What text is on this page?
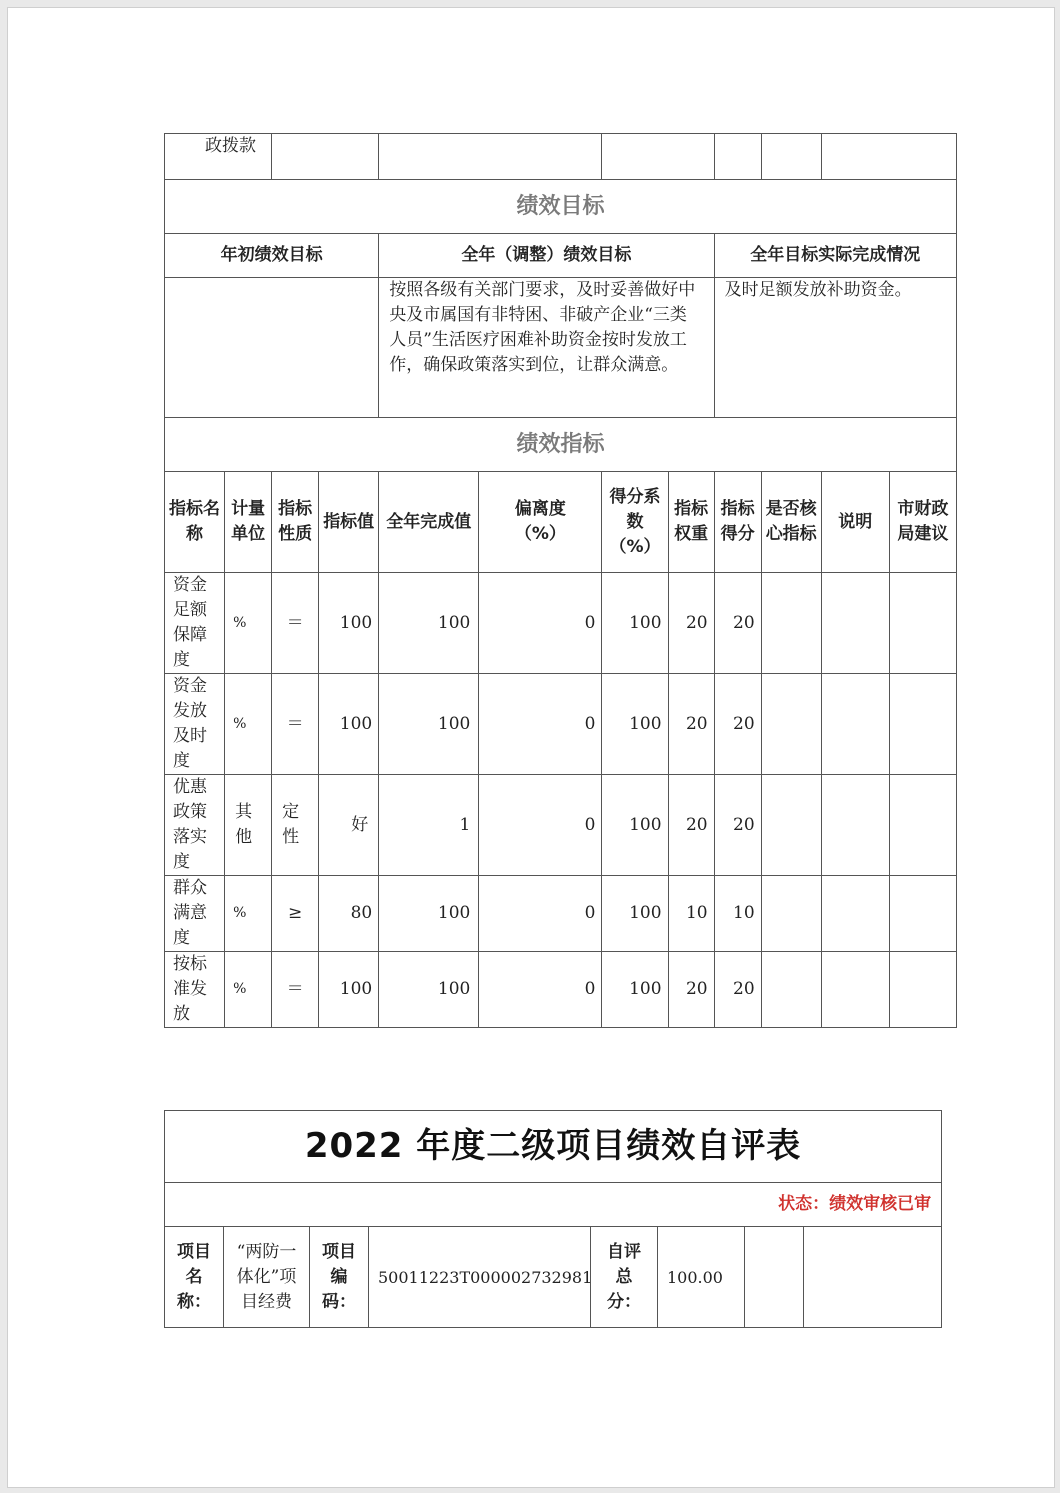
政拨款											
绩效目标											
年初绩效目标				全年（调整）绩效目标				全年目标实际完成情况			
				按照各级有关部门要求，及时妥善做好中央及市属国有非特困、非破产企业“三类人员”生活医疗困难补助资金按时发放工作，确保政策落实到位，让群众满意。				及时足额发放补助资金。			
绩效指标											
指标名称	计量单位	指标性质	指标值	全年完成值	偏离度（%）	得分系数（%）	指标权重	指标得分	是否核心指标	说明	市财政局建议
资金足额保障度	%	＝	100	100	0	100	20	20			
资金发放及时度	%	＝	100	100	0	100	20	20			
优惠政策落实度	其他	定性	好	1	0	100	20	20			
群众满意度	%	≥	80	100	0	100	10	10			
按标准发放	%	＝	100	100	0	100	20	20			
2022 年度二级项目绩效自评表
状态：绩效审核已审
项目名称：	“两防一体化”项目经费	项目编码：	50011223T000002732981	自评总分：	100.00		
